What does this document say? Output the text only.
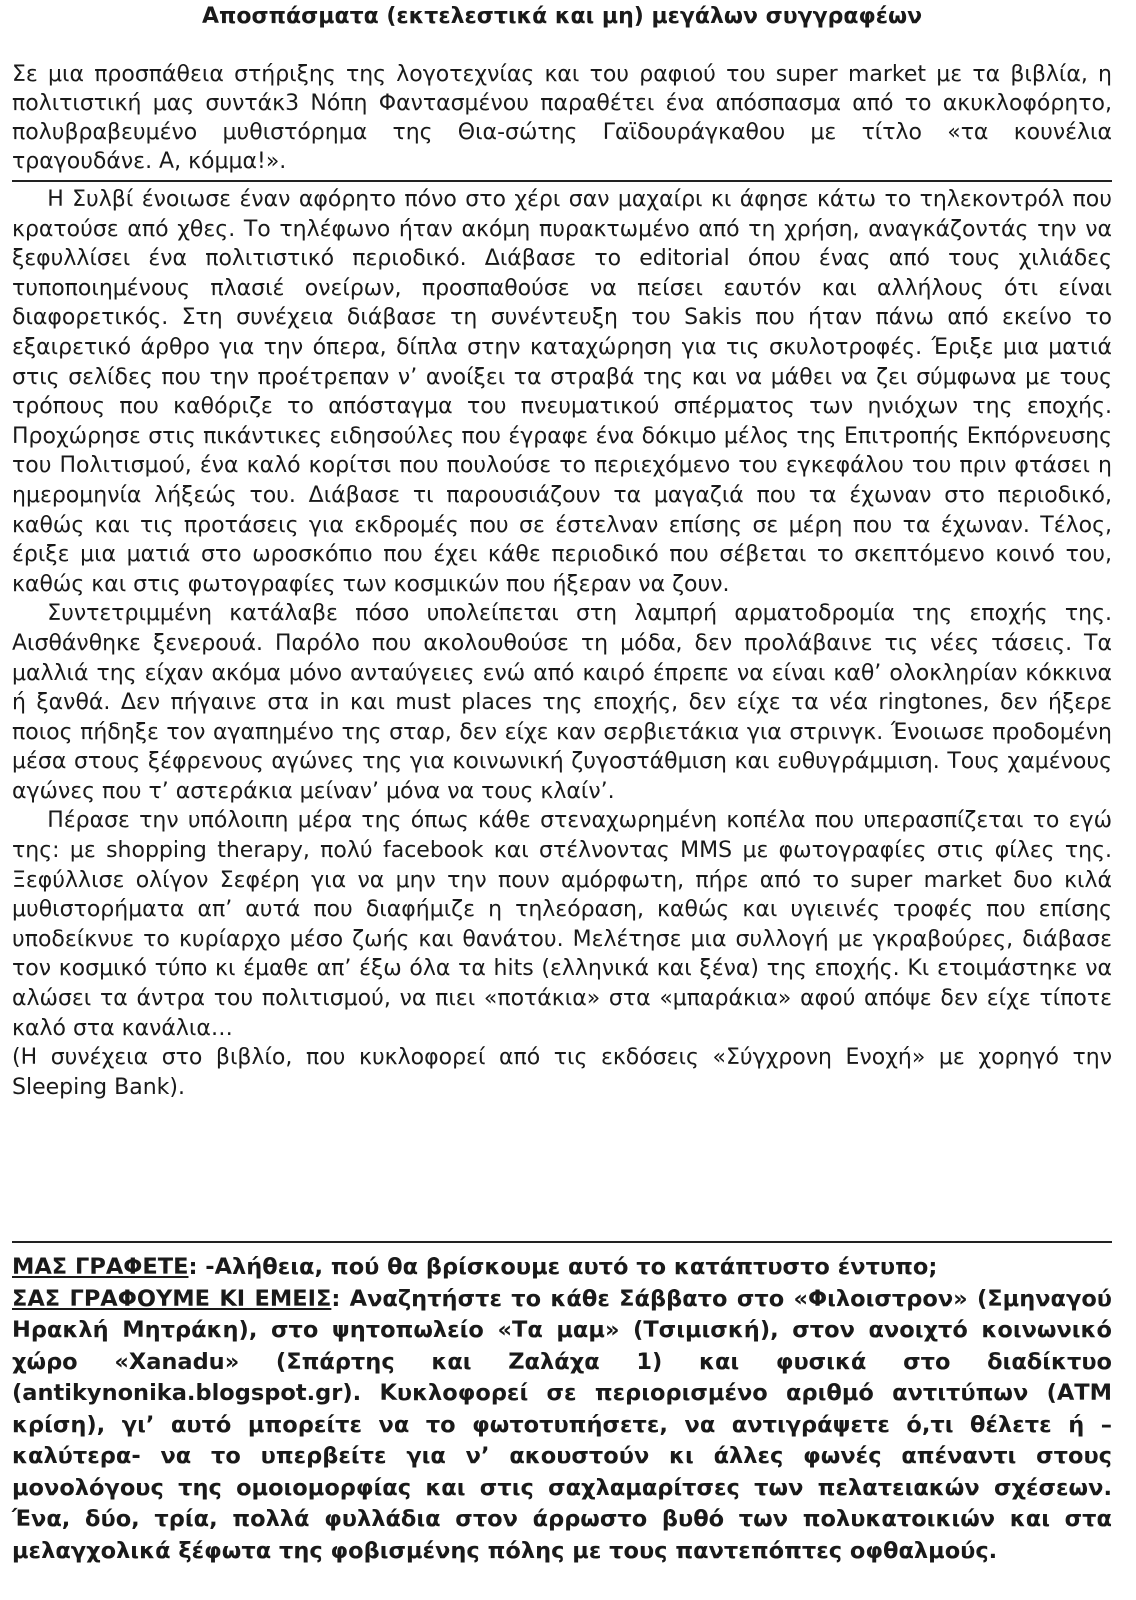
Αποσπάσματα (εκτελεστικά και μη) μεγάλων συγγραφέων
Σε μια προσπάθεια στήριξης της λογοτεχνίας και του ραφιού του super market με τα βιβλία, η πολιτιστική μας συντάκ3 Νόπη Φαντασμένου παραθέτει ένα απόσπασμα από το ακυκλοφόρητο, πολυβραβευμένο μυθιστόρημα της Θια-σώτης Γαϊδουράγκαθου με τίτλο «τα κουνέλια τραγουδάνε. Α, κόμμα!».

Η Συλβί ένοιωσε έναν αφόρητο πόνο στο χέρι σαν μαχαίρι κι άφησε κάτω το τηλεκοντρόλ που κρατούσε από χθες. Το τηλέφωνο ήταν ακόμη πυρακτωμένο από τη χρήση, αναγκάζοντάς την να ξεφυλλίσει ένα πολιτιστικό περιοδικό. Διάβασε το editorial όπου ένας από τους χιλιάδες τυποποιημένους πλασιέ ονείρων, προσπαθούσε να πείσει εαυτόν και αλλήλους ότι είναι διαφορετικός. Στη συνέχεια διάβασε τη συνέντευξη του Sakis που ήταν πάνω από εκείνο το εξαιρετικό άρθρο για την όπερα, δίπλα στην καταχώρηση για τις σκυλοτροφές. Έριξε μια ματιά στις σελίδες που την προέτρεπαν ν’ ανοίξει τα στραβά της και να μάθει να ζει σύμφωνα με τους τρόπους που καθόριζε το απόσταγμα του πνευματικού σπέρματος των ηνιόχων της εποχής. Προχώρησε στις πικάντικες ειδησούλες που έγραφε ένα δόκιμο μέλος της Επιτροπής Εκπόρνευσης του Πολιτισμού, ένα καλό κορίτσι που πουλούσε το περιεχόμενο του εγκεφάλου του πριν φτάσει η ημερομηνία λήξεώς του. Διάβασε τι παρουσιάζουν τα μαγαζιά που τα έχωναν στο περιοδικό, καθώς και τις προτάσεις για εκδρομές που σε έστελναν επίσης σε μέρη που τα έχωναν. Τέλος, έριξε μια ματιά στο ωροσκόπιο που έχει κάθε περιοδικό που σέβεται το σκεπτόμενο κοινό του, καθώς και στις φωτογραφίες των κοσμικών που ήξεραν να ζουν.

Συντετριμμένη κατάλαβε πόσο υπολείπεται στη λαμπρή αρματοδρομία της εποχής της. Αισθάνθηκε ξενερουά. Παρόλο που ακολουθούσε τη μόδα, δεν προλάβαινε τις νέες τάσεις. Τα μαλλιά της είχαν ακόμα μόνο ανταύγειες ενώ από καιρό έπρεπε να είναι καθ’ ολοκληρίαν κόκκινα ή ξανθά. Δεν πήγαινε στα in και must places της εποχής, δεν είχε τα νέα ringtones, δεν ήξερε ποιος πήδηξε τον αγαπημένο της σταρ, δεν είχε καν σερβιετάκια για στρινγκ. Ένοιωσε προδομένη μέσα στους ξέφρενους αγώνες της για κοινωνική ζυγοστάθμιση και ευθυγράμμιση. Τους χαμένους αγώνες που τ’ αστεράκια μείναν’ μόνα να τους κλαίν’.

Πέρασε την υπόλοιπη μέρα της όπως κάθε στεναχωρημένη κοπέλα που υπερασπίζεται το εγώ της: με shopping therapy, πολύ facebook και στέλνοντας MMS με φωτογραφίες στις φίλες της. Ξεφύλλισε ολίγον Σεφέρη για να μην την πουν αμόρφωτη, πήρε από το super market δυο κιλά μυθιστορήματα απ’ αυτά που διαφήμιζε η τηλεόραση, καθώς και υγιεινές τροφές που επίσης υποδείκνυε το κυρίαρχο μέσο ζωής και θανάτου. Μελέτησε μια συλλογή με γκραβούρες, διάβασε τον κοσμικό τύπο κι έμαθε απ’ έξω όλα τα hits (ελληνικά και ξένα) της εποχής. Κι ετοιμάστηκε να αλώσει τα άντρα του πολιτισμού, να πιει «ποτάκια» στα «μπαράκια» αφού απόψε δεν είχε τίποτε καλό στα κανάλια…

(Η συνέχεια στο βιβλίο, που κυκλοφορεί από τις εκδόσεις «Σύγχρονη Ενοχή» με χορηγό την Sleeping Bank).

ΜΑΣ ΓΡΑΦΕΤΕ: -Αλήθεια, πού θα βρίσκουμε αυτό το κατάπτυστο έντυπο;

ΣΑΣ ΓΡΑΦΟΥΜΕ ΚΙ ΕΜΕΙΣ: Αναζητήστε το κάθε Σάββατο στο «Φιλοιστρον» (Σμηναγού Ηρακλή Μητράκη), στο ψητοπωλείο «Τα μαμ» (Τσιμισκή), στον ανοιχτό κοινωνικό χώρο «Xanadu» (Σπάρτης και Ζαλάχα 1) και φυσικά στο διαδίκτυο (antikynonika.blogspot.gr). Κυκλοφορεί σε περιορισμένο αριθμό αντιτύπων (ΑΤΜ κρίση), γι’ αυτό μπορείτε να το φωτοτυπήσετε, να αντιγράψετε ό,τι θέλετε ή –καλύτερα- να το υπερβείτε για ν’ ακουστούν κι άλλες φωνές απέναντι στους μονολόγους της ομοιομορφίας και στις σαχλαμαρίτσες των πελατειακών σχέσεων. Ένα, δύο, τρία, πολλά φυλλάδια στον άρρωστο βυθό των πολυκατοικιών και στα μελαγχολικά ξέφωτα της φοβισμένης πόλης με τους παντεπόπτες οφθαλμούς.
